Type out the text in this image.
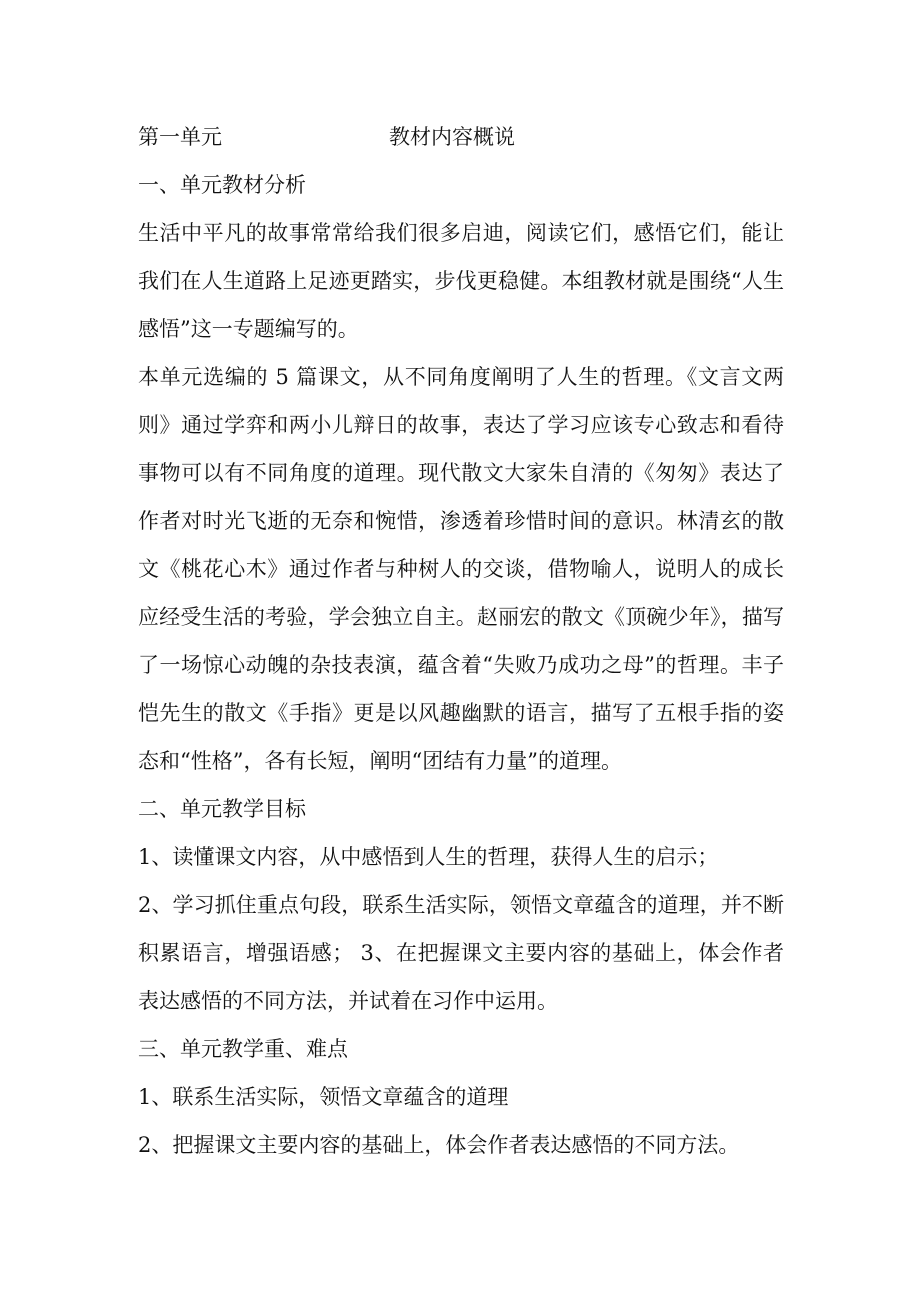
第一单元	教材内容概说

一、单元教材分析

生活中平凡的故事常常给我们很多启迪，阅读它们，感悟它们，能让我们在人生道路上足迹更踏实，步伐更稳健。本组教材就是围绕“人生感悟”这一专题编写的。

本单元选编的 5 篇课文，从不同角度阐明了人生的哲理。《文言文两则》通过学弈和两小儿辩日的故事，表达了学习应该专心致志和看待事物可以有不同角度的道理。现代散文大家朱自清的《匆匆》表达了作者对时光飞逝的无奈和惋惜，渗透着珍惜时间的意识。林清玄的散文《桃花心木》通过作者与种树人的交谈，借物喻人，说明人的成长应经受生活的考验，学会独立自主。赵丽宏的散文《顶碗少年》，描写了一场惊心动魄的杂技表演，蕴含着“失败乃成功之母”的哲理。丰子恺先生的散文《手指》更是以风趣幽默的语言，描写了五根手指的姿态和“性格”，各有长短，阐明“团结有力量”的道理。

二、单元教学目标

1、读懂课文内容，从中感悟到人生的哲理，获得人生的启示；

2、学习抓住重点句段，联系生活实际，领悟文章蕴含的道理，并不断积累语言，增强语感； 3、在把握课文主要内容的基础上，体会作者表达感悟的不同方法，并试着在习作中运用。

三、单元教学重、难点

1、联系生活实际，领悟文章蕴含的道理

2、把握课文主要内容的基础上，体会作者表达感悟的不同方法。
